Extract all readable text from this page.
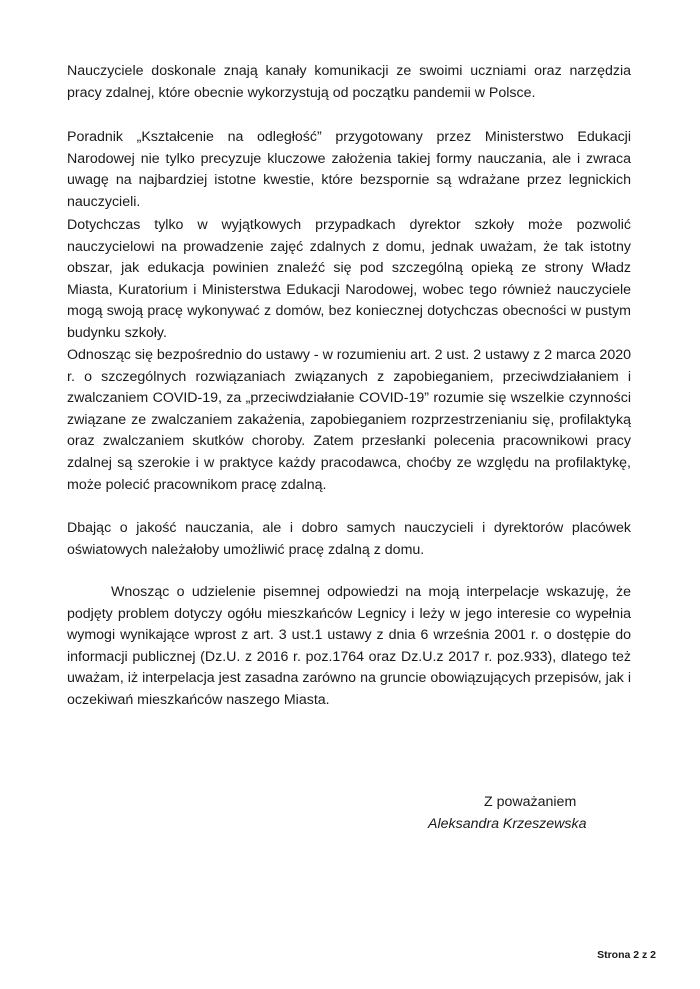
Nauczyciele doskonale znają kanały komunikacji ze swoimi uczniami oraz narzędzia pracy zdalnej, które obecnie wykorzystują od początku pandemii w Polsce.

Poradnik „Kształcenie na odległość” przygotowany przez Ministerstwo Edukacji Narodowej nie tylko precyzuje kluczowe założenia takiej formy nauczania, ale i zwraca uwagę na najbardziej istotne kwestie, które bezspornie są wdrażane przez legnickich nauczycieli.

Dotychczas tylko w wyjątkowych przypadkach dyrektor szkoły może pozwolić nauczycielowi na prowadzenie zajęć zdalnych z domu, jednak uważam, że tak istotny obszar, jak edukacja powinien znaleźć się pod szczególną opieką ze strony Władz Miasta, Kuratorium i Ministerstwa Edukacji Narodowej, wobec tego również nauczyciele mogą swoją pracę wykonywać z domów, bez koniecznej dotychczas obecności w pustym budynku szkoły.

Odnosząc się bezpośrednio do ustawy - w rozumieniu art. 2 ust. 2 ustawy z 2 marca 2020 r. o szczególnych rozwiązaniach związanych z zapobieganiem, przeciwdziałaniem i zwalczaniem COVID-19, za „przeciwdziałanie COVID-19” rozumie się wszelkie czynności związane ze zwalczaniem zakażenia, zapobieganiem rozprzestrzenianiu się, profilaktyką oraz zwalczaniem skutków choroby. Zatem przesłanki polecenia pracownikowi pracy zdalnej są szerokie i w praktyce każdy pracodawca, choćby ze względu na profilaktykę, może polecić pracownikom pracę zdalną.

Dbając o jakość nauczania, ale i dobro samych nauczycieli i dyrektorów placówek oświatowych należałoby umożliwić pracę zdalną z domu.

Wnosząc o udzielenie pisemnej odpowiedzi na moją interpelacje wskazuję, że podjęty problem dotyczy ogółu mieszkańców Legnicy i leży w jego interesie co wypełnia wymogi wynikające wprost z art. 3 ust.1 ustawy z dnia 6 września 2001 r. o dostępie do informacji publicznej (Dz.U. z 2016 r. poz.1764 oraz Dz.U.z 2017 r. poz.933), dlatego też uważam, iż interpelacja jest zasadna zarówno na gruncie obowiązujących przepisów, jak i oczekiwań mieszkańców naszego Miasta.

Z poważaniem
Aleksandra Krzeszewska
Strona 2 z 2
